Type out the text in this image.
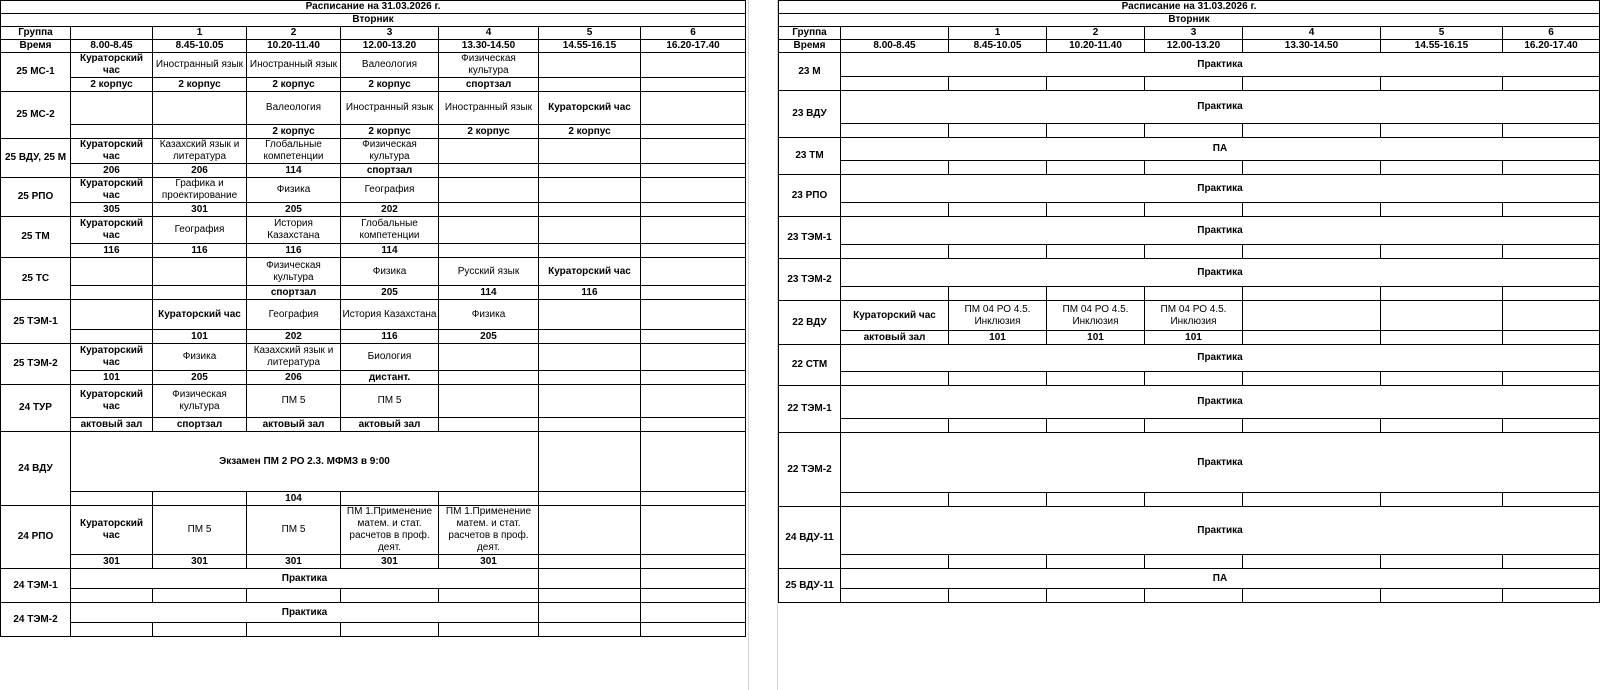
Расписание на 31.03.2026 г.							
Вторник							
Группа		1	2	3	4	5	6
Время	8.00-8.45	8.45-10.05	10.20-11.40	12.00-13.20	13.30-14.50	14.55-16.15	16.20-17.40
25 МС-1	Кураторский час	Иностранный язык	Иностранный язык	Валеология	Физическая культура		
	2 корпус	2 корпус	2 корпус	2 корпус	спортзал		
25 МС-2			Валеология	Иностранный язык	Иностранный язык	Кураторский час	
			2 корпус	2 корпус	2 корпус	2 корпус	
25 ВДУ, 25 М	Кураторский час	Казахский язык и литература	Глобальные компетенции	Физическая культура			
	206	206	114	спортзал			
25 РПО	Кураторский час	Графика и проектирование	Физика	География			
	305	301	205	202			
25 ТМ	Кураторский час	География	История Казахстана	Глобальные компетенции			
	116	116	116	114			
25 ТС			Физическая культура	Физика	Русский язык	Кураторский час	
			спортзал	205	114	116	
25 ТЭМ-1		Кураторский час	География	История Казахстана	Физика		
		101	202	116	205		
25 ТЭМ-2	Кураторский час	Физика	Казахский язык и литература	Биология			
	101	205	206	дистант.			
24 ТУР	Кураторский час	Физическая культура	ПМ 5	ПМ 5			
	актовый зал	спортзал	актовый зал	актовый зал			
24 ВДУ	Экзамен ПМ 2 РО 2.3. МФМЗ в 9:00						
			104				
24 РПО	Кураторский час	ПМ 5	ПМ 5	ПМ 1.Применение матем. и стат. расчетов в проф. деят.	ПМ 1.Применение матем. и стат. расчетов в проф. деят.		
	301	301	301	301	301		
24 ТЭМ-1	Практика						

24 ТЭМ-2	Практика						

Расписание на 31.03.2026 г.							
Вторник							
Группа		1	2	3	4	5	6
Время	8.00-8.45	8.45-10.05	10.20-11.40	12.00-13.20	13.30-14.50	14.55-16.15	16.20-17.40
23 М	Практика						

23 ВДУ	Практика						

23 ТМ	ПА						

23 РПО	Практика						

23 ТЭМ-1	Практика						

23 ТЭМ-2	Практика						

22 ВДУ	Кураторский час	ПМ 04 РО 4.5. Инклюзия	ПМ 04 РО 4.5. Инклюзия	ПМ 04 РО 4.5. Инклюзия			
	актовый зал	101	101	101			
22 СТМ	Практика						

22 ТЭМ-1	Практика						

22 ТЭМ-2	Практика						

24 ВДУ-11	Практика						

25 ВДУ-11	ПА						
